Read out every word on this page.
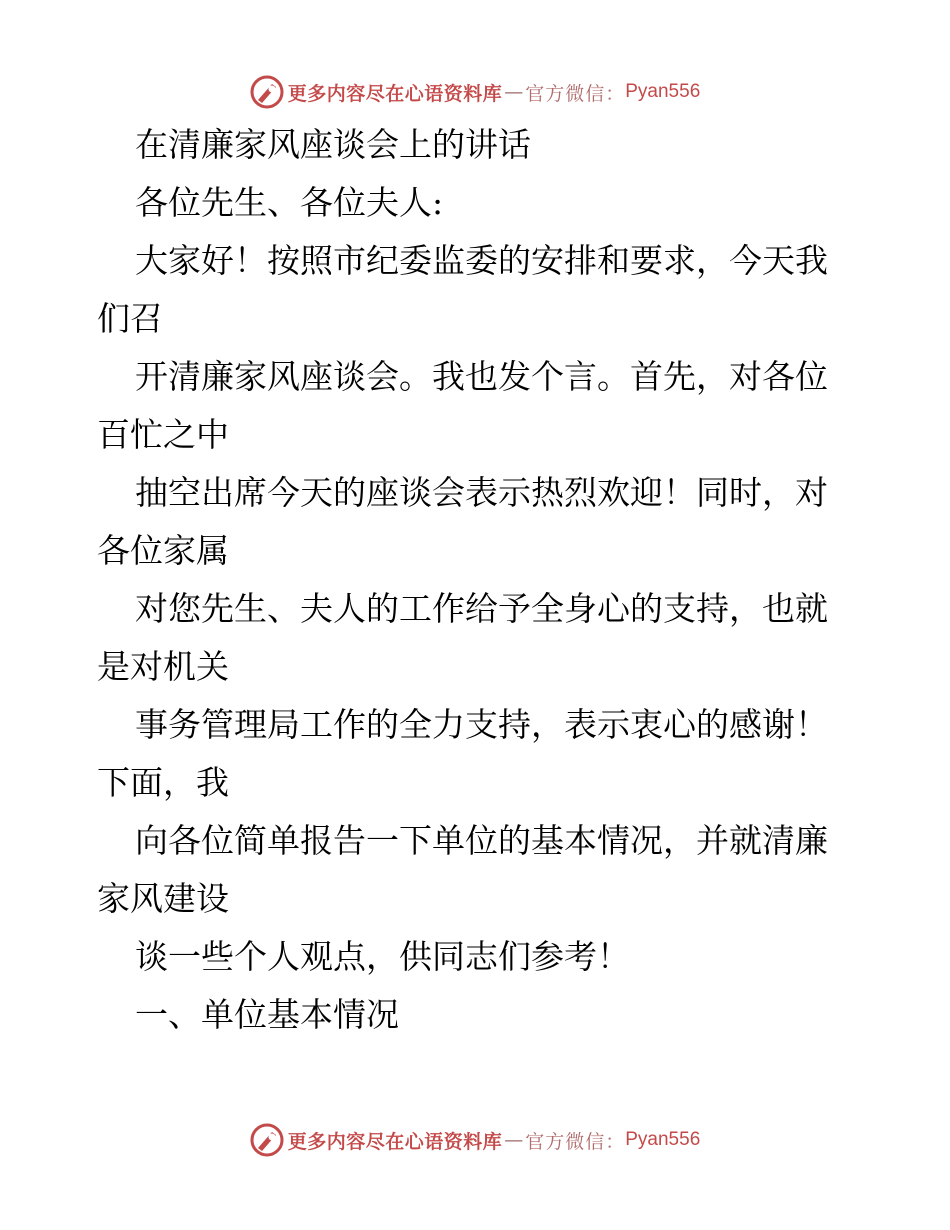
更多内容尽在心语资料库 — 官方微信： Pyan556

在清廉家风座谈会上的讲话

各位先生、各位夫人:

大家好！按照市纪委监委的安排和要求，今天我们召

开清廉家风座谈会。我也发个言。首先，对各位百忙之中

抽空出席今天的座谈会表示热烈欢迎！同时，对各位家属

对您先生、夫人的工作给予全身心的支持，也就是对机关

事务管理局工作的全力支持，表示衷心的感谢！下面，我

向各位简单报告一下单位的基本情况，并就清廉家风建设

谈一些个人观点，供同志们参考！

一、单位基本情况

更多内容尽在心语资料库 — 官方微信： Pyan556
